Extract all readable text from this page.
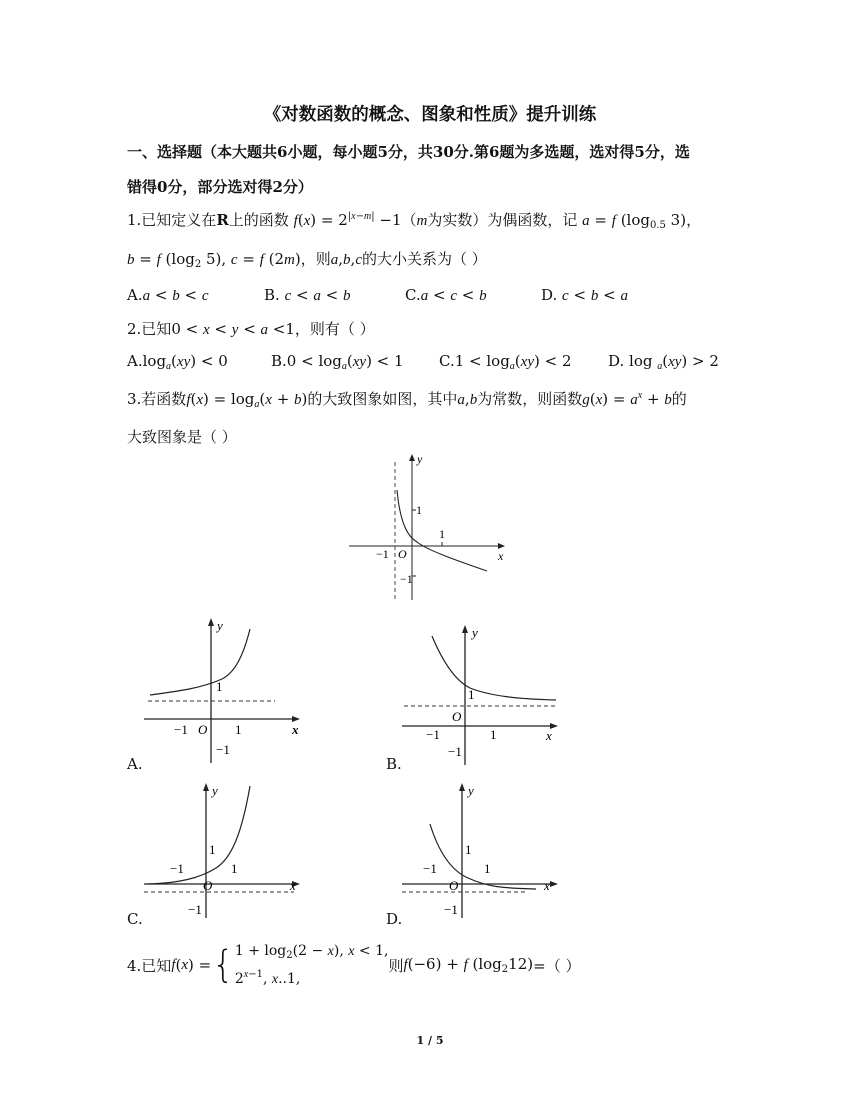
《对数函数的概念、图象和性质》提升训练
一、选择题（本大题共6小题，每小题5分，共30分.第6题为多选题，选对得5分，选
错得0分，部分选对得2分）
1.已知定义在R上的函数 $f(x) = 2^{|x-m|} -1(m$为实数）为偶函数，记 a = f ($\log_{0.5}$ 3)，
b = f ($\log_2$ 5), c = f (2m)，则a,b,c的大小关系为（ ）
A.a < b < c	B. c < a < b	C.a < c < b	D. c < b < a
2.已知0 < x < y < a <1，则有（ ）
$A.\log_a(xy) < 0$	$B.0 < \log_a(xy) < 1$ $C.1 < \log_a(xy) < 2$ D. log $_a$(xy) > 2
3.若函数$f(x) = \log_a(x + b)$的大致图象如图，其中a,b为常数，则函数$g(x) = a^x + b$的
大致图象是（ ）
y
x
1
1
−1 O
−1
y
x
1
1
−1 O
−1
A.
y
x
1
1
−1
O
−1
B.
y
x
1
1
−1
O
−1
C.
y
x
1
1
−1
O
−1
D.
4.已知 f ( x ) = { $1 + \log_2(2 - x)$, x < 1,
$2^{x-1}$, x..1,
则 f(−6) + f $(\log_212)$ =（ ）
1 / 5
